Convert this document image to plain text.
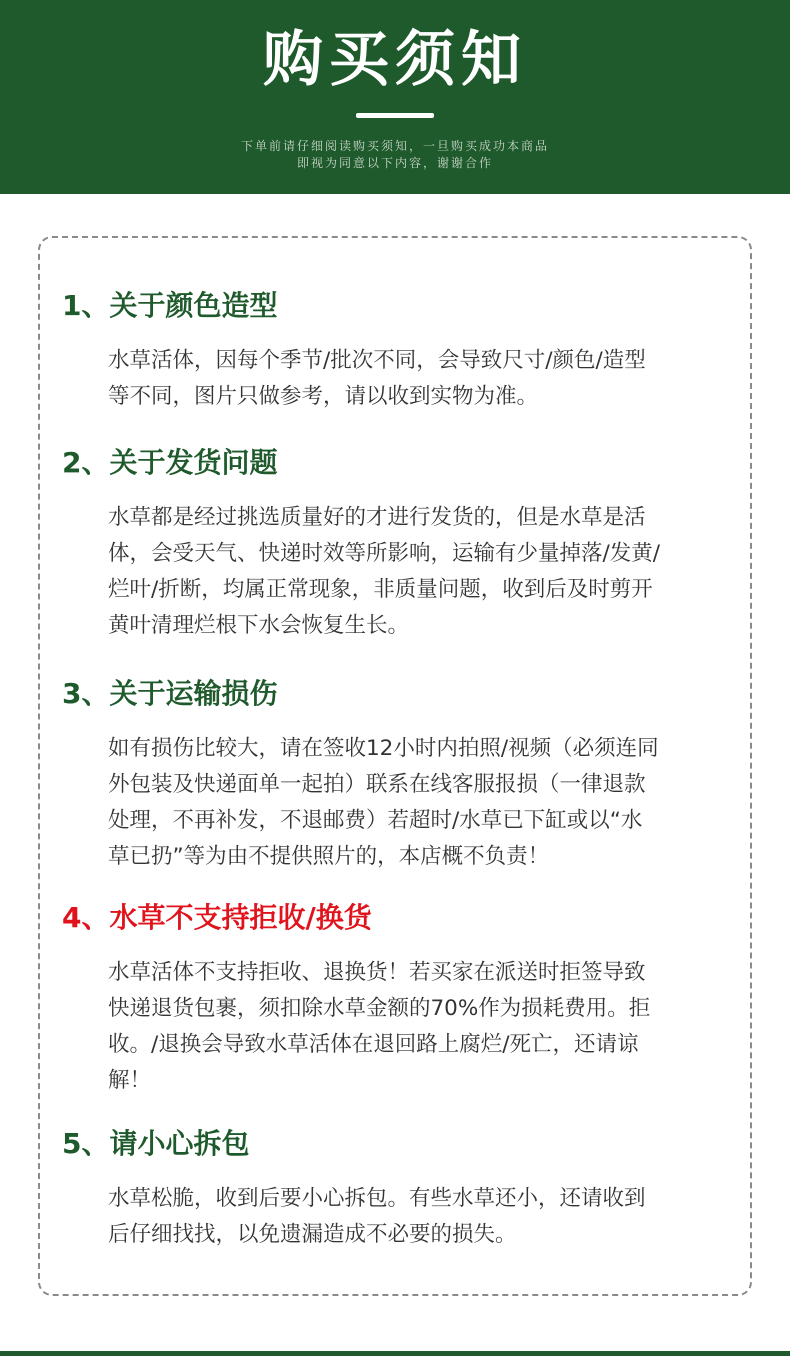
购买须知
下单前请仔细阅读购买须知，一旦购买成功本商品
即视为同意以下内容，谢谢合作
1、关于颜色造型
水草活体，因每个季节/批次不同，会导致尺寸/颜色/造型
等不同，图片只做参考，请以收到实物为准。
2、关于发货问题
水草都是经过挑选质量好的才进行发货的，但是水草是活
体，会受天气、快递时效等所影响，运输有少量掉落/发黄/
烂叶/折断，均属正常现象，非质量问题，收到后及时剪开
黄叶清理烂根下水会恢复生长。
3、关于运输损伤
如有损伤比较大，请在签收12小时内拍照/视频（必须连同
外包装及快递面单一起拍）联系在线客服报损（一律退款
处理，不再补发，不退邮费）若超时/水草已下缸或以“水
草已扔”等为由不提供照片的，本店概不负责！
4、水草不支持拒收/换货
水草活体不支持拒收、退换货！若买家在派送时拒签导致
快递退货包裹，须扣除水草金额的70%作为损耗费用。拒
收。/退换会导致水草活体在退回路上腐烂/死亡，还请谅
解！
5、请小心拆包
水草松脆，收到后要小心拆包。有些水草还小，还请收到
后仔细找找，以免遗漏造成不必要的损失。
